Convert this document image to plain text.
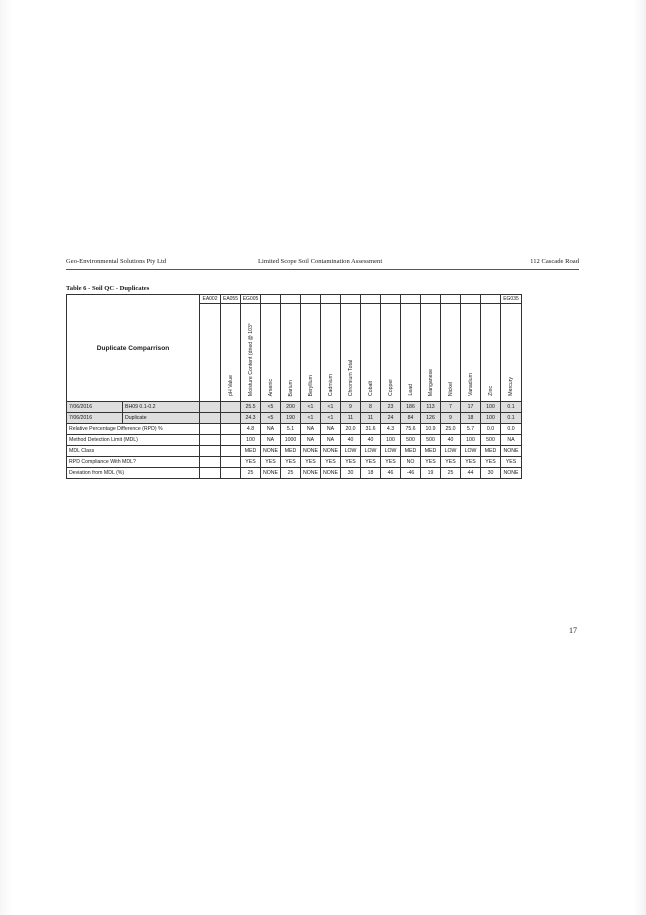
Geo-Environmental Solutions Pty Ltd	Limited Scope Soil Contamination Assessment	112 Cascade Road
Table 6 - Soil QC - Duplicates
Duplicate Comparrison		EA002	EA055	EG005													EG035
			pH Value	Moisture Content (dried @ 103°	Arsenic	Barium	Beryllium	Cadmium	Chromium Total	Cobalt	Copper	Lead	Manganese	Nickel	Vanadium	Zinc	Mercury
7/06/2016	BH09 0.1-0.2			25.5	<5	200	<1	<1	9	8	23	186	113	7	17	100	0.1
7/06/2016	Duplicate			24.3	<5	190	<1	<1	11	11	24	84	126	9	18	100	0.1
Relative Percentage Difference (RPD) %				4.8	NA	5.1	NA	NA	20.0	31.6	4.3	75.6	10.9	25.0	5.7	0.0	0.0
Method Detection Limit (MDL)				100	NA	1000	NA	NA	40	40	100	500	500	40	100	500	NA
MDL Class				MED	NONE	MED	NONE	NONE	LOW	LOW	LOW	MED	MED	LOW	LOW	MED	NONE
RPD Compliance With MDL?				YES	YES	YES	YES	YES	YES	YES	YES	NO	YES	YES	YES	YES	YES
Deviation from MDL (%)				25	NONE	25	NONE	NONE	30	18	46	-46	19	25	44	30	NONE
17
